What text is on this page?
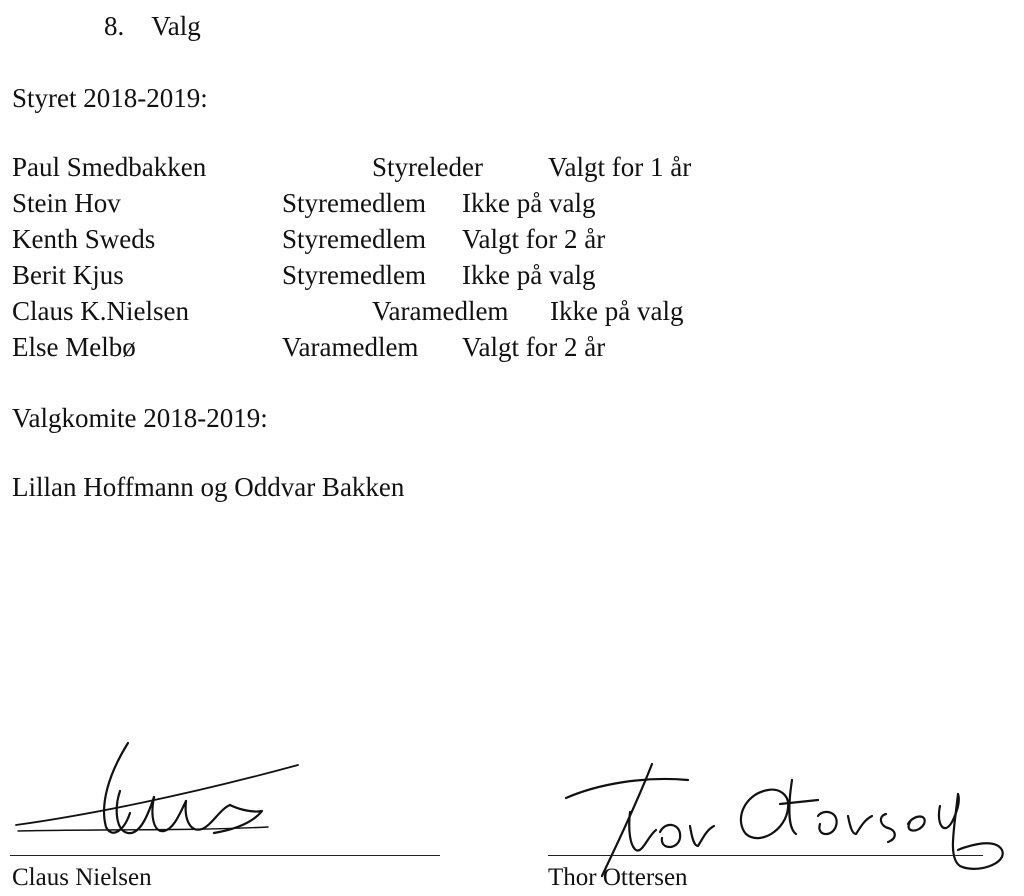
8. Valg
Styret 2018-2019:
Paul Smedbakken	Styreleder Valgt for 1 år
Stein Hov	Styremedlem Ikke på valg
Kenth Sweds	Styremedlem Valgt for 2 år
Berit Kjus	Styremedlem Ikke på valg
Claus K.Nielsen	Varamedlem Ikke på valg
Else Melbø	Varamedlem Valgt for 2 år
Valgkomite 2018-2019:
Lillan Hoffmann og Oddvar Bakken
Claus Nielsen	Thor Ottersen
